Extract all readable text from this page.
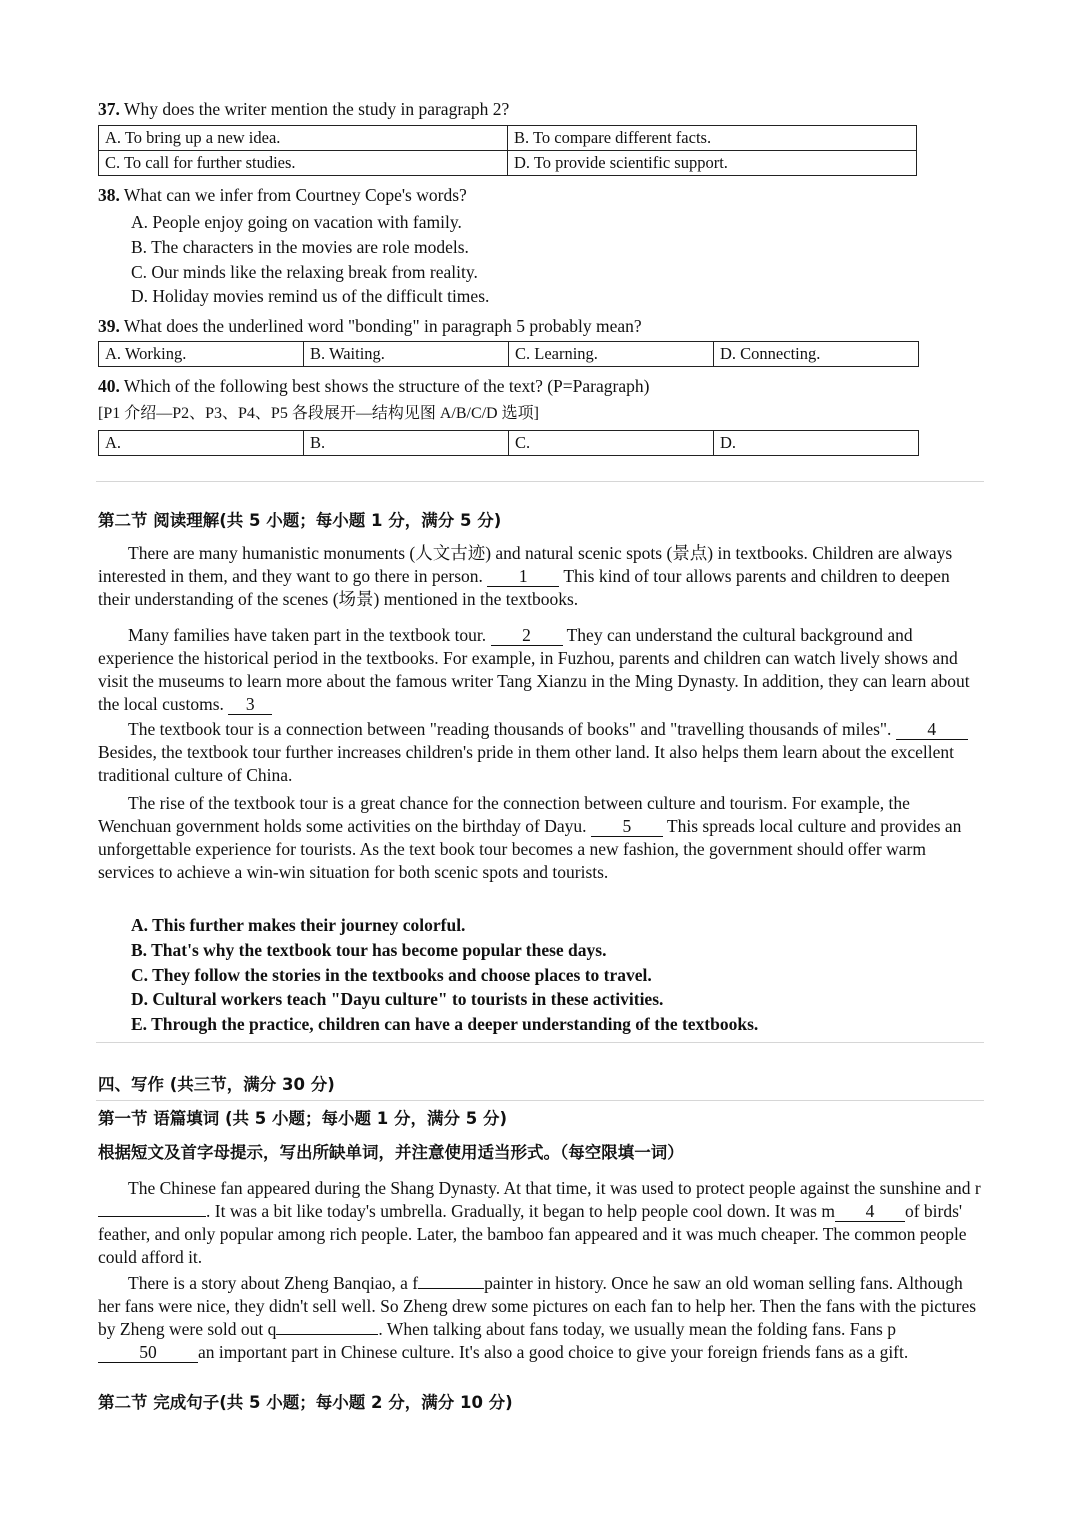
37. Why does the writer mention the study in paragraph 2?
A. To bring up a new idea.	B. To compare different facts.
C. To call for further studies.	D. To provide scientific support.
38. What can we infer from Courtney Cope's words?
A. People enjoy going on vacation with family.
B. The characters in the movies are role models.
C. Our minds like the relaxing break from reality.
D. Holiday movies remind us of the difficult times.
39. What does the underlined word "bonding" in paragraph 5 probably mean?
A. Working.	B. Waiting.	C. Learning.	D. Connecting.
40. Which of the following best shows the structure of the text? (P=Paragraph)
[P1 介绍—P2、P3、P4、P5 各段展开—结构见图 A/B/C/D 选项]
A.	B.	C.	D.
第二节 阅读理解(共 5 小题；每小题 1 分，满分 5 分)
There are many humanistic monuments (人文古迹) and natural scenic spots (景点) in textbooks. Children are always interested in them, and they want to go there in person. 1 This kind of tour allows parents and children to deepen their understanding of the scenes (场景) mentioned in the textbooks.
Many families have taken part in the textbook tour. 2 They can understand the cultural background and experience the historical period in the textbooks. For example, in Fuzhou, parents and children can watch lively shows and visit the museums to learn more about the famous writer Tang Xianzu in the Ming Dynasty. In addition, they can learn about the local customs. 3
The textbook tour is a connection between "reading thousands of books" and "travelling thousands of miles". 4 Besides, the textbook tour further increases children's pride in them other land. It also helps them learn about the excellent traditional culture of China.
The rise of the textbook tour is a great chance for the connection between culture and tourism. For example, the Wenchuan government holds some activities on the birthday of Dayu. 5 This spreads local culture and provides an unforgettable experience for tourists. As the text book tour becomes a new fashion, the government should offer warm services to achieve a win-win situation for both scenic spots and tourists.
A. This further makes their journey colorful.
B. That's why the textbook tour has become popular these days.
C. They follow the stories in the textbooks and choose places to travel.
D. Cultural workers teach "Dayu culture" to tourists in these activities.
E. Through the practice, children can have a deeper understanding of the textbooks.
四、写作 (共三节，满分 30 分)
第一节 语篇填词 (共 5 小题；每小题 1 分，满分 5 分)
根据短文及首字母提示，写出所缺单词，并注意使用适当形式。（每空限填一词）
The Chinese fan appeared during the Shang Dynasty. At that time, it was used to protect people against the sunshine and r. It was a bit like today's umbrella. Gradually, it began to help people cool down. It was m 4 of birds' feather, and only popular among rich people. Later, the bamboo fan appeared and it was much cheaper. The common people could afford it.
There is a story about Zheng Banqiao, a f	painter in history. Once he saw an old woman selling fans. Although her fans were nice, they didn't sell well. So Zheng drew some pictures on each fan to help her. Then the fans with the pictures by Zheng were sold out q	. When talking about fans today, we usually mean the folding fans. Fans p50 an important part in Chinese culture. It's also a good choice to give your foreign friends fans as a gift.
第二节 完成句子(共 5 小题；每小题 2 分，满分 10 分)
